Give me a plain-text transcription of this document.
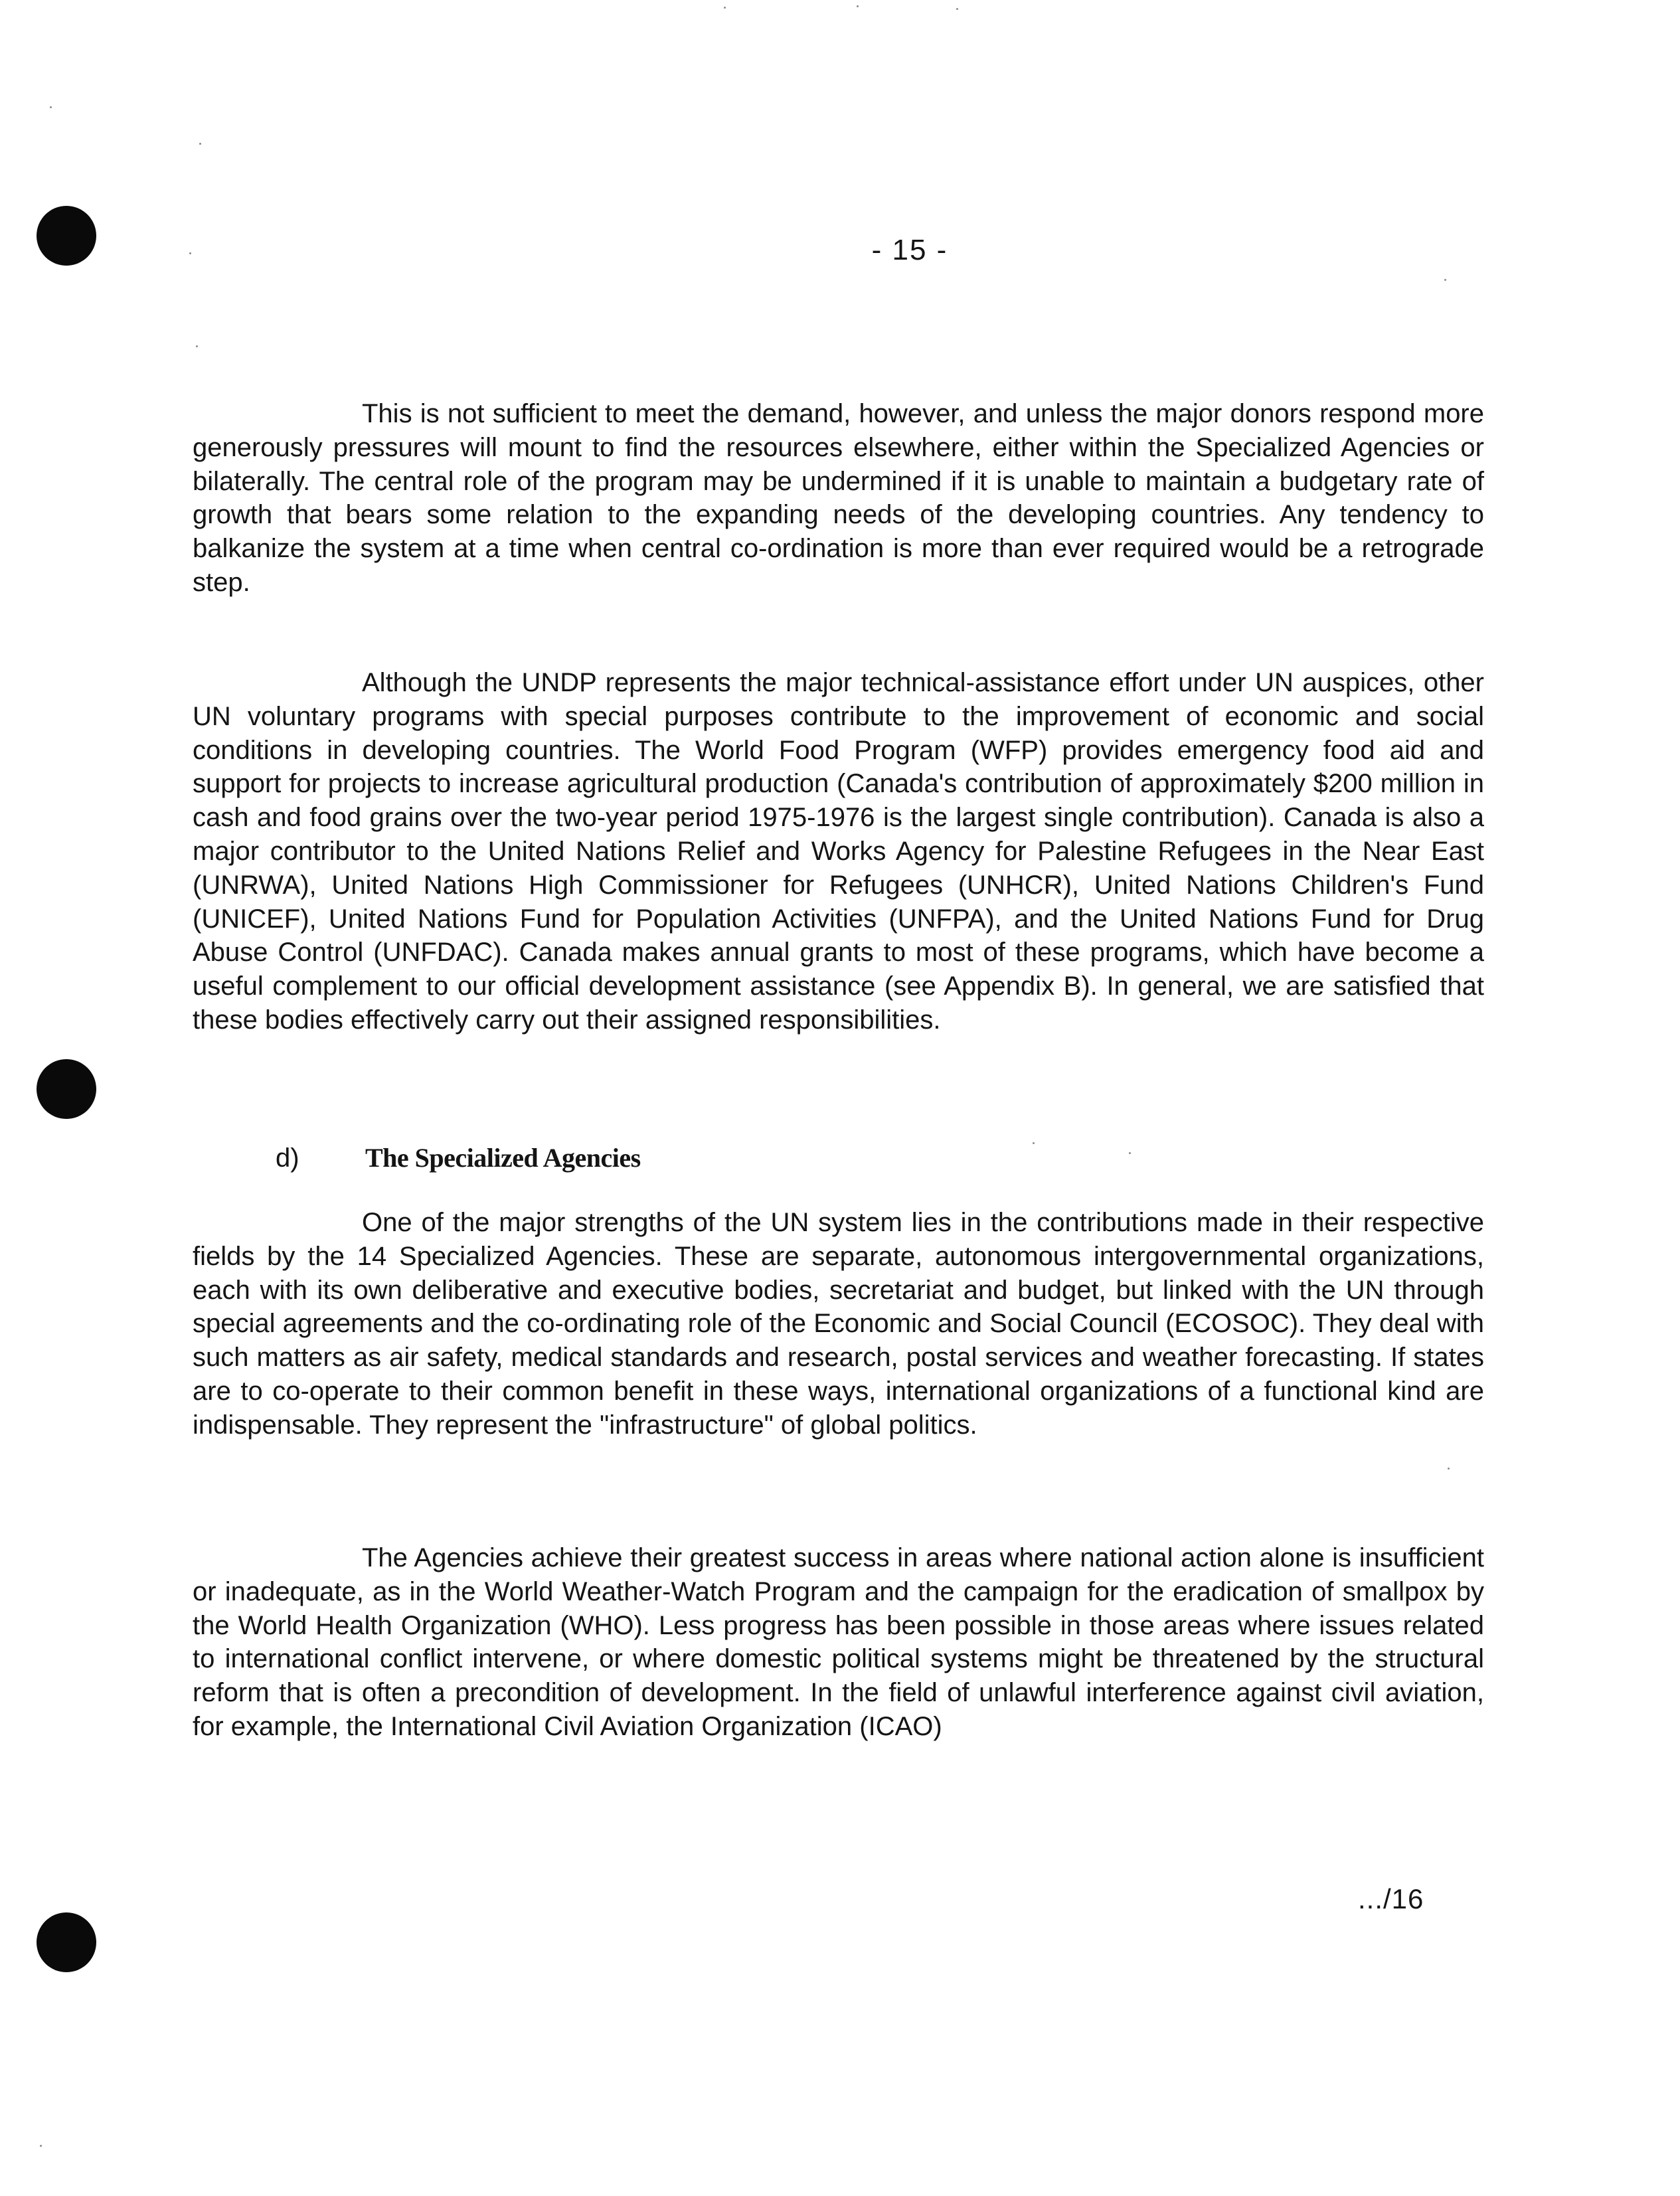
- 15 -

This is not sufficient to meet the demand, however, and unless the major donors respond more generously pressures will mount to find the resources elsewhere, either within the Specialized Agencies or bilaterally. The central role of the program may be undermined if it is unable to maintain a budgetary rate of growth that bears some relation to the expanding needs of the developing countries. Any tendency to balkanize the system at a time when central co-ordination is more than ever required would be a retrograde step.

Although the UNDP represents the major technical-assistance effort under UN auspices, other UN voluntary programs with special purposes contribute to the improvement of economic and social conditions in developing countries. The World Food Program (WFP) provides emergency food aid and support for projects to increase agricultural production (Canada's contribution of approximately $200 million in cash and food grains over the two-year period 1975-1976 is the largest single contribution). Canada is also a major contributor to the United Nations Relief and Works Agency for Palestine Refugees in the Near East (UNRWA), United Nations High Commissioner for Refugees (UNHCR), United Nations Children's Fund (UNICEF), United Nations Fund for Population Activities (UNFPA), and the United Nations Fund for Drug Abuse Control (UNFDAC). Canada makes annual grants to most of these programs, which have become a useful complement to our official development assistance (see Appendix B). In general, we are satisfied that these bodies effectively carry out their assigned responsibilities.

d) The Specialized Agencies

One of the major strengths of the UN system lies in the contributions made in their respective fields by the 14 Specialized Agencies. These are separate, autonomous intergovernmental organizations, each with its own deliberative and executive bodies, secretariat and budget, but linked with the UN through special agreements and the co-ordinating role of the Economic and Social Council (ECOSOC). They deal with such matters as air safety, medical standards and research, postal services and weather forecasting. If states are to co-operate to their common benefit in these ways, international organizations of a functional kind are indispensable. They represent the "infrastructure" of global politics.

The Agencies achieve their greatest success in areas where national action alone is insufficient or inadequate, as in the World Weather-Watch Program and the campaign for the eradication of smallpox by the World Health Organization (WHO). Less progress has been possible in those areas where issues related to international conflict intervene, or where domestic political systems might be threatened by the structural reform that is often a precondition of development. In the field of unlawful interference against civil aviation, for example, the International Civil Aviation Organization (ICAO)

.../16
